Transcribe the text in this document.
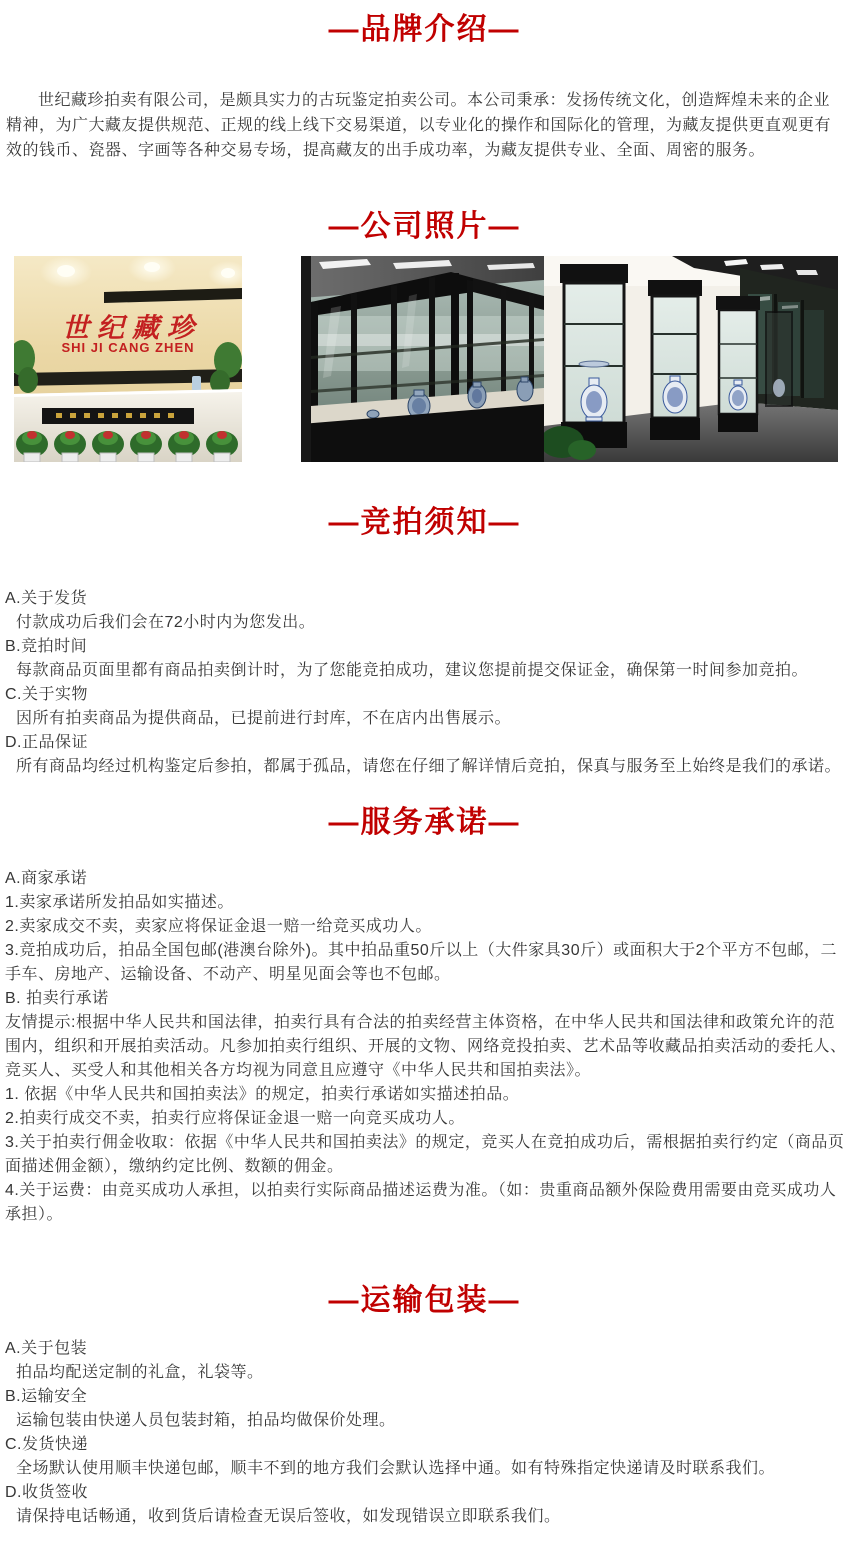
—品牌介绍—
世纪藏珍拍卖有限公司，是颇具实力的古玩鉴定拍卖公司。本公司秉承：发扬传统文化，创造辉煌未来的企业精神，为广大藏友提供规范、正规的线上线下交易渠道，以专业化的操作和国际化的管理，为藏友提供更直观更有效的钱币、瓷器、字画等各种交易专场，提高藏友的出手成功率，为藏友提供专业、全面、周密的服务。
—公司照片—
世纪藏珍
SHI JI CANG ZHEN
—竞拍须知—
A.关于发货
付款成功后我们会在72小时内为您发出。
B.竞拍时间
每款商品页面里都有商品拍卖倒计时，为了您能竞拍成功，建议您提前提交保证金，确保第一时间参加竞拍。
C.关于实物
因所有拍卖商品为提供商品，已提前进行封库，不在店内出售展示。
D.正品保证
所有商品均经过机构鉴定后参拍，都属于孤品，请您在仔细了解详情后竞拍，保真与服务至上始终是我们的承诺。
—服务承诺—
A.商家承诺
1.卖家承诺所发拍品如实描述。
2.卖家成交不卖，卖家应将保证金退一赔一给竞买成功人。
3.竞拍成功后，拍品全国包邮(港澳台除外)。其中拍品重50斤以上（大件家具30斤）或面积大于2个平方不包邮，二手车、房地产、运输设备、不动产、明星见面会等也不包邮。
B. 拍卖行承诺
友情提示:根据中华人民共和国法律，拍卖行具有合法的拍卖经营主体资格，在中华人民共和国法律和政策允许的范围内，组织和开展拍卖活动。凡参加拍卖行组织、开展的文物、网络竞投拍卖、艺术品等收藏品拍卖活动的委托人、竞买人、买受人和其他相关各方均视为同意且应遵守《中华人民共和国拍卖法》。
1. 依据《中华人民共和国拍卖法》的规定，拍卖行承诺如实描述拍品。
2.拍卖行成交不卖，拍卖行应将保证金退一赔一向竞买成功人。
3.关于拍卖行佣金收取：依据《中华人民共和国拍卖法》的规定，竞买人在竞拍成功后，需根据拍卖行约定（商品页面描述佣金额），缴纳约定比例、数额的佣金。
4.关于运费：由竞买成功人承担，以拍卖行实际商品描述运费为准。（如：贵重商品额外保险费用需要由竞买成功人承担）。
—运输包装—
A.关于包装
拍品均配送定制的礼盒，礼袋等。
B.运输安全
运输包装由快递人员包装封箱，拍品均做保价处理。
C.发货快递
全场默认使用顺丰快递包邮，顺丰不到的地方我们会默认选择中通。如有特殊指定快递请及时联系我们。
D.收货签收
请保持电话畅通，收到货后请检查无误后签收，如发现错误立即联系我们。
